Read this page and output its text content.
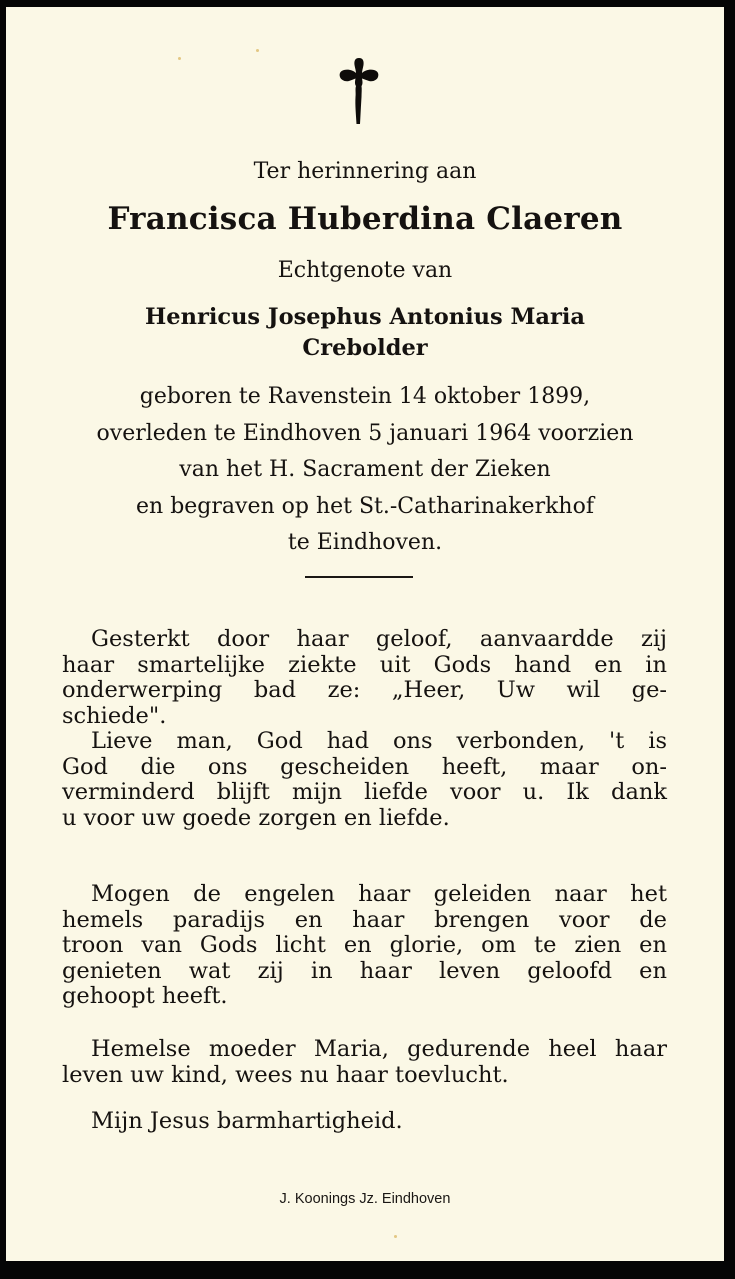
Ter herinnering aan
Francisca Huberdina Claeren
Echtgenote van
Henricus Josephus Antonius Maria
Crebolder
geboren te Ravenstein 14 oktober 1899,
overleden te Eindhoven 5 januari 1964 voorzien
van het H. Sacrament der Zieken
en begraven op het St.-Catharinakerkhof
te Eindhoven.
Gesterkt door haar geloof, aanvaardde zij
haar smartelijke ziekte uit Gods hand en in
onderwerping bad ze: „Heer, Uw wil ge-
schiede".
Lieve man, God had ons verbonden, 't is
God die ons gescheiden heeft, maar on-
verminderd blijft mijn liefde voor u. Ik dank
u voor uw goede zorgen en liefde.
Mogen de engelen haar geleiden naar het
hemels paradijs en haar brengen voor de
troon van Gods licht en glorie, om te zien en
genieten wat zij in haar leven geloofd en
gehoopt heeft.
Hemelse moeder Maria, gedurende heel haar
leven uw kind, wees nu haar toevlucht.
Mijn Jesus barmhartigheid.
J. Koonings Jz. Eindhoven
